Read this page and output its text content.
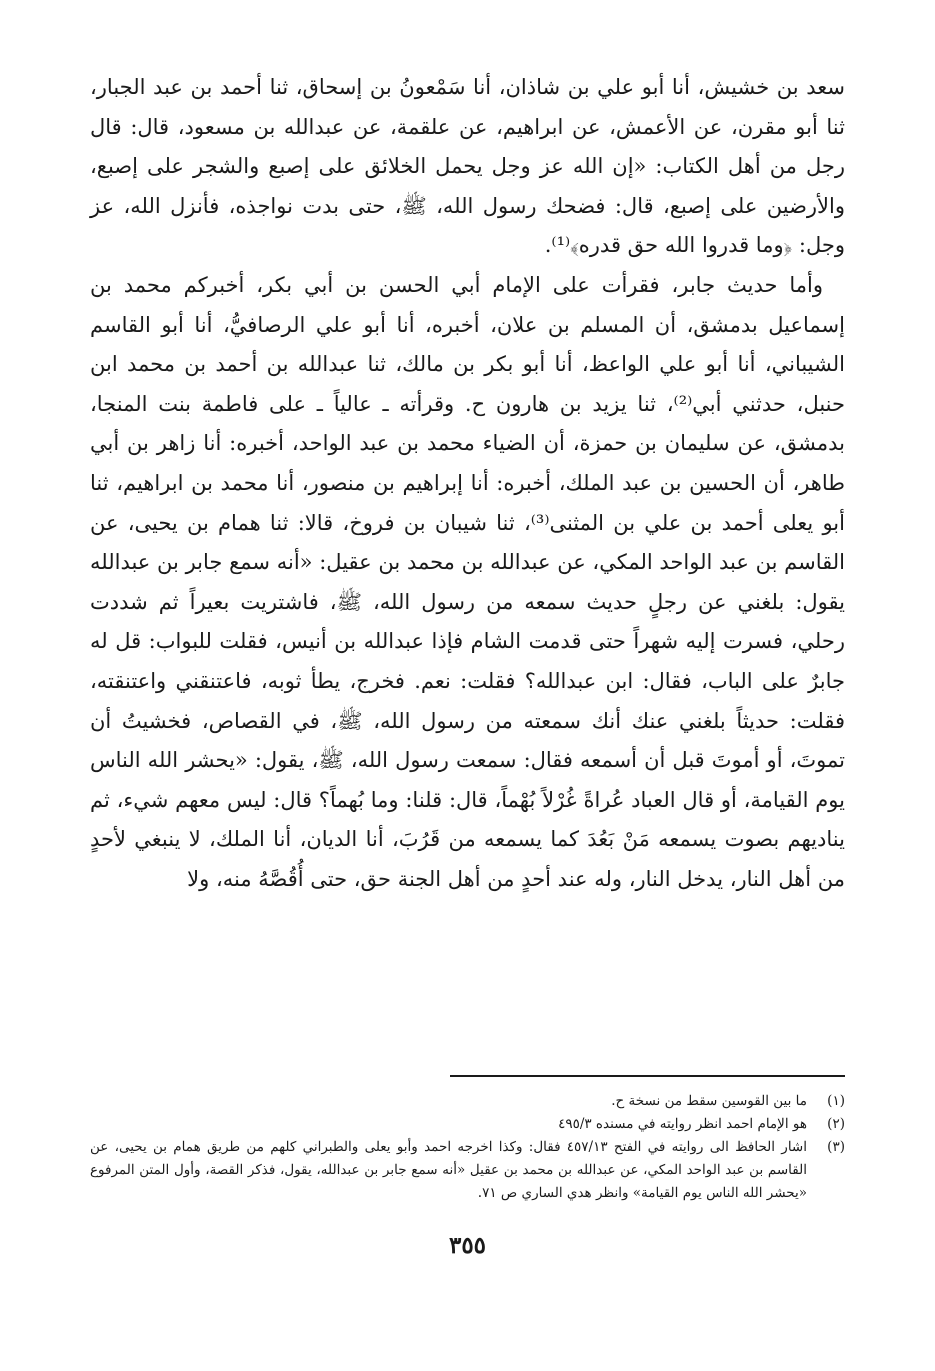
سعد بن خشيش، أنا أبو علي بن شاذان، أنا سَمْعونُ بن إسحاق، ثنا أحمد بن عبد الجبار، ثنا أبو مقرن، عن الأعمش، عن ابراهيم، عن علقمة، عن عبدالله بن مسعود، قال: قال رجل من أهل الكتاب: «إن الله عز وجل يحمل الخلائق على إصبع والشجر على إصبع، والأرضين على إصبع، قال: فضحك رسول الله، ﷺ، حتى بدت نواجذه، فأنزل الله، عز وجل: ﴿وما قدروا الله حق قدره﴾⁽¹⁾.

وأما حديث جابر، فقرأت على الإمام أبي الحسن بن أبي بكر، أخبركم محمد بن إسماعيل بدمشق، أن المسلم بن علان، أخبره، أنا أبو علي الرصافيُّ، أنا أبو القاسم الشيباني، أنا أبو علي الواعظ، أنا أبو بكر بن مالك، ثنا عبدالله بن أحمد بن محمد ابن حنبل، حدثني أبي⁽²⁾، ثنا يزيد بن هارون ح. وقرأته ـ عالياً ـ على فاطمة بنت المنجا، بدمشق، عن سليمان بن حمزة، أن الضياء محمد بن عبد الواحد، أخبره: أنا زاهر بن أبي طاهر، أن الحسين بن عبد الملك، أخبره: أنا إبراهيم بن منصور، أنا محمد بن ابراهيم، ثنا أبو يعلى أحمد بن علي بن المثنى⁽³⁾، ثنا شيبان بن فروخ، قالا: ثنا همام بن يحيى، عن القاسم بن عبد الواحد المكي، عن عبدالله بن محمد بن عقيل: «أنه سمع جابر بن عبدالله يقول: بلغني عن رجلٍ حديث سمعه من رسول الله، ﷺ، فاشتريت بعيراً ثم شددت رحلي، فسرت إليه شهراً حتى قدمت الشام فإذا عبدالله بن أنيس، فقلت للبواب: قل له جابرٌ على الباب، فقال: ابن عبدالله؟ فقلت: نعم. فخرج، يطأ ثوبه، فاعتنقني واعتنقته، فقلت: حديثاً بلغني عنك أنك سمعته من رسول الله، ﷺ، في القصاص، فخشيتُ أن تموتَ، أو أموتَ قبل أن أسمعه فقال: سمعت رسول الله، ﷺ، يقول: «يحشر الله الناس يوم القيامة، أو قال العباد عُراةً غُرْلاً بُهْماً، قال: قلنا: وما بُهماً؟ قال: ليس معهم شيء، ثم يناديهم بصوت يسمعه مَنْ بَعُدَ كما يسمعه من قَرُبَ، أنا الديان، أنا الملك، لا ينبغي لأحدٍ من أهل النار، يدخل النار، وله عند أحدٍ من أهل الجنة حق، حتى أُقُصَّهُ منه، ولا

(١)
ما بين القوسين سقط من نسخة ح.
(٢)
هو الإمام احمد انظر روايته في مسنده ٤٩٥/٣
(٣)
اشار الحافظ الى روايته في الفتح ٤٥٧/١٣ فقال: وكذا اخرجه احمد وأبو يعلى والطبراني كلهم من طريق همام بن يحيى، عن القاسم بن عبد الواحد المكي، عن عبدالله بن محمد بن عقيل «أنه سمع جابر بن عبدالله، يقول، فذكر القصة، وأول المتن المرفوع «يحشر الله الناس يوم القيامة» وانظر هدي الساري ص ٧١.
٣٥٥
